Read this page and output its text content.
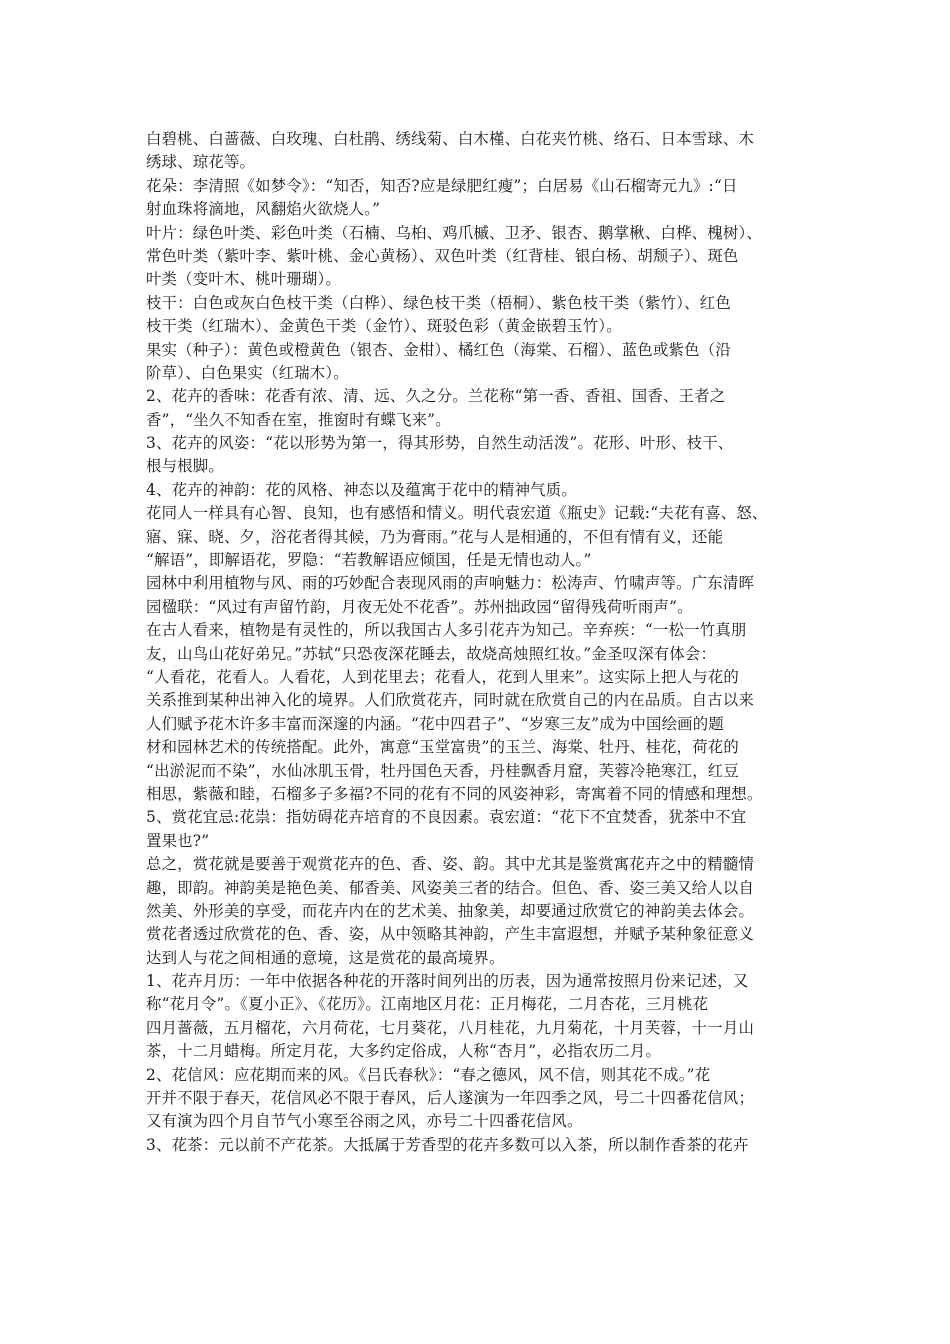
白碧桃、白蔷薇、白玫瑰、白杜鹃、绣线菊、白木槿、白花夹竹桃、络石、日本雪球、木
绣球、琼花等。
花朵：李清照《如梦令》：“知否，知否?应是绿肥红瘦”；白居易《山石榴寄元九》:“日
射血珠将滴地，风翻焰火欲烧人。”
叶片：绿色叶类、彩色叶类（石楠、乌桕、鸡爪槭、卫矛、银杏、鹅掌楸、白桦、槐树）、
常色叶类（紫叶李、紫叶桃、金心黄杨）、双色叶类（红背桂、银白杨、胡颓子）、斑色
叶类（变叶木、桃叶珊瑚）。
枝干：白色或灰白色枝干类（白桦）、绿色枝干类（梧桐）、紫色枝干类（紫竹）、红色
枝干类（红瑞木）、金黄色干类（金竹）、斑驳色彩（黄金嵌碧玉竹）。
果实（种子）：黄色或橙黄色（银杏、金柑）、橘红色（海棠、石榴）、蓝色或紫色（沿
阶草）、白色果实（红瑞木）。
2、花卉的香味：花香有浓、清、远、久之分。兰花称“第一香、香祖、国香、王者之
香”，“坐久不知香在室，推窗时有蝶飞来”。
3、花卉的风姿：“花以形势为第一，得其形势，自然生动活泼”。花形、叶形、枝干、
根与根脚。
4、花卉的神韵：花的风格、神态以及蕴寓于花中的精神气质。
花同人一样具有心智、良知，也有感悟和情义。明代袁宏道《瓶史》记载:“夫花有喜、怒、
寤、寐、晓、夕，浴花者得其候，乃为膏雨。”花与人是相通的，不但有情有义，还能
“解语”，即解语花，罗隐：“若教解语应倾国，任是无情也动人。”
园林中利用植物与风、雨的巧妙配合表现风雨的声响魅力：松涛声、竹啸声等。广东清晖
园楹联：“风过有声留竹韵，月夜无处不花香”。苏州拙政园“留得残荷听雨声”。
在古人看来，植物是有灵性的，所以我国古人多引花卉为知己。辛弃疾：“一松一竹真朋
友，山鸟山花好弟兄。”苏轼“只恐夜深花睡去，故烧高烛照红妆。”金圣叹深有体会：
“人看花，花看人。人看花，人到花里去；花看人，花到人里来”。这实际上把人与花的
关系推到某种出神入化的境界。人们欣赏花卉，同时就在欣赏自己的内在品质。自古以来
人们赋予花木许多丰富而深邃的内涵。“花中四君子”、“岁寒三友”成为中国绘画的题
材和园林艺术的传统搭配。此外，寓意“玉堂富贵”的玉兰、海棠、牡丹、桂花，荷花的
“出淤泥而不染”，水仙冰肌玉骨，牡丹国色天香，丹桂飘香月窟，芙蓉冷艳寒江，红豆
相思，紫薇和睦，石榴多子多福?不同的花有不同的风姿神彩，寄寓着不同的情感和理想。
5、赏花宜忌:花祟：指妨碍花卉培育的不良因素。袁宏道：“花下不宜焚香，犹茶中不宜
置果也?”
总之，赏花就是要善于观赏花卉的色、香、姿、韵。其中尤其是鉴赏寓花卉之中的精髓情
趣，即韵。神韵美是艳色美、郁香美、风姿美三者的结合。但色、香、姿三美又给人以自
然美、外形美的享受，而花卉内在的艺术美、抽象美，却要通过欣赏它的神韵美去体会。
赏花者透过欣赏花的色、香、姿，从中领略其神韵，产生丰富遐想，并赋予某种象征意义
达到人与花之间相通的意境，这是赏花的最高境界。
1、花卉月历：一年中依据各种花的开落时间列出的历表，因为通常按照月份来记述，又
称“花月令”。《夏小正》、《花历》。江南地区月花：正月梅花，二月杏花，三月桃花
四月蔷薇，五月榴花，六月荷花，七月葵花，八月桂花，九月菊花，十月芙蓉，十一月山
茶，十二月蜡梅。所定月花，大多约定俗成，人称“杏月”，必指农历二月。
2、花信风：应花期而来的风。《吕氏春秋》：“春之德风，风不信，则其花不成。”花
开并不限于春天，花信风必不限于春风，后人遂演为一年四季之风，号二十四番花信风；
又有演为四个月自节气小寒至谷雨之风，亦号二十四番花信风。
3、花茶：元以前不产花茶。大抵属于芳香型的花卉多数可以入茶，所以制作香茶的花卉
